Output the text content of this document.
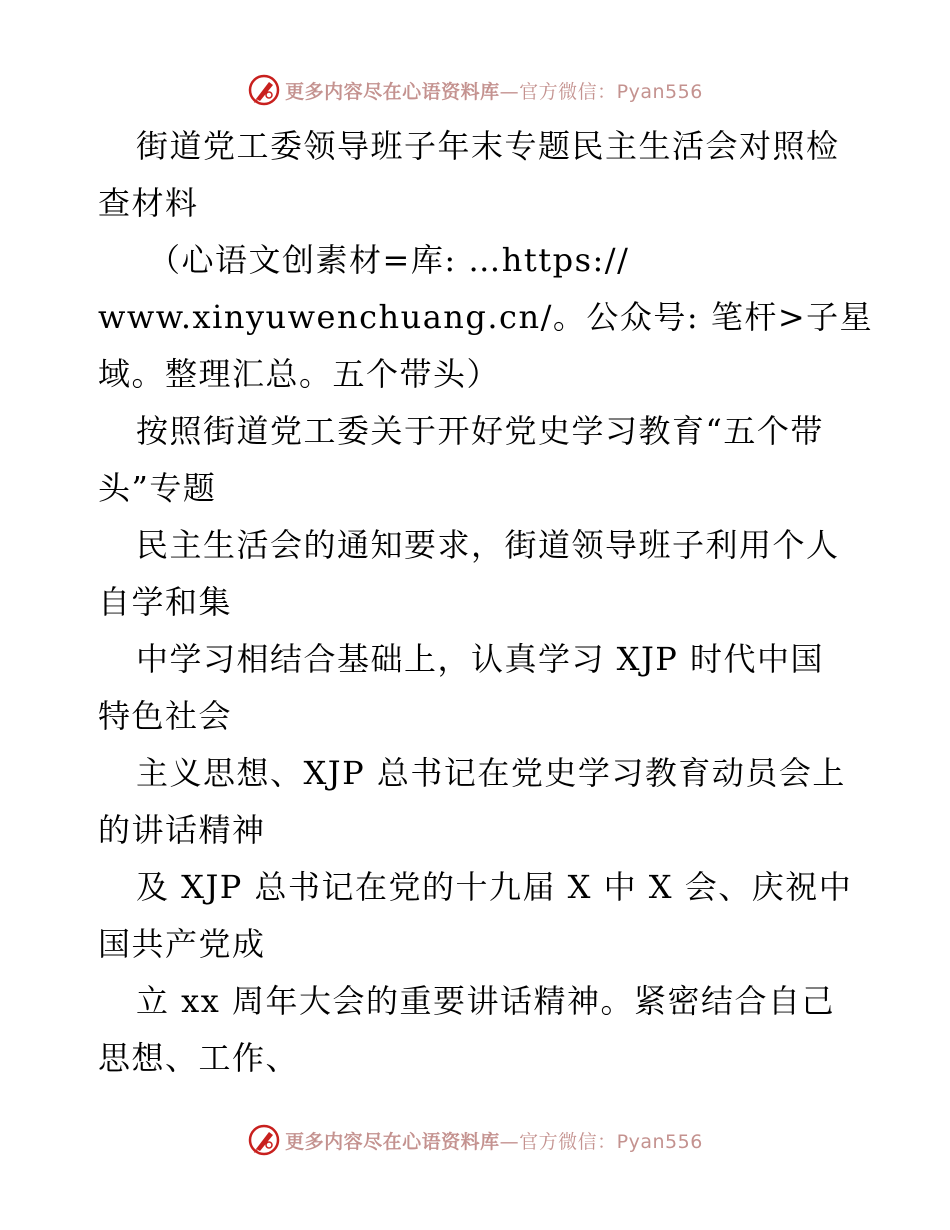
更多内容尽在心语资料库—官方微信：Pyan556
街道党工委领导班子年末专题民主生活会对照检
查材料
（心语文创素材=库: …https://
www.xinyuwenchuang.cn/。公众号: 笔杆>子星
域。整理汇总。五个带头）
按照街道党工委关于开好党史学习教育“五个带
头”专题
民主生活会的通知要求，街道领导班子利用个人
自学和集
中学习相结合基础上，认真学习 XJP 时代中国
特色社会
主义思想、XJP 总书记在党史学习教育动员会上
的讲话精神
及 XJP 总书记在党的十九届 X 中 X 会、庆祝中
国共产党成
立 xx 周年大会的重要讲话精神。紧密结合自己
思想、工作、
更多内容尽在心语资料库—官方微信：Pyan556
